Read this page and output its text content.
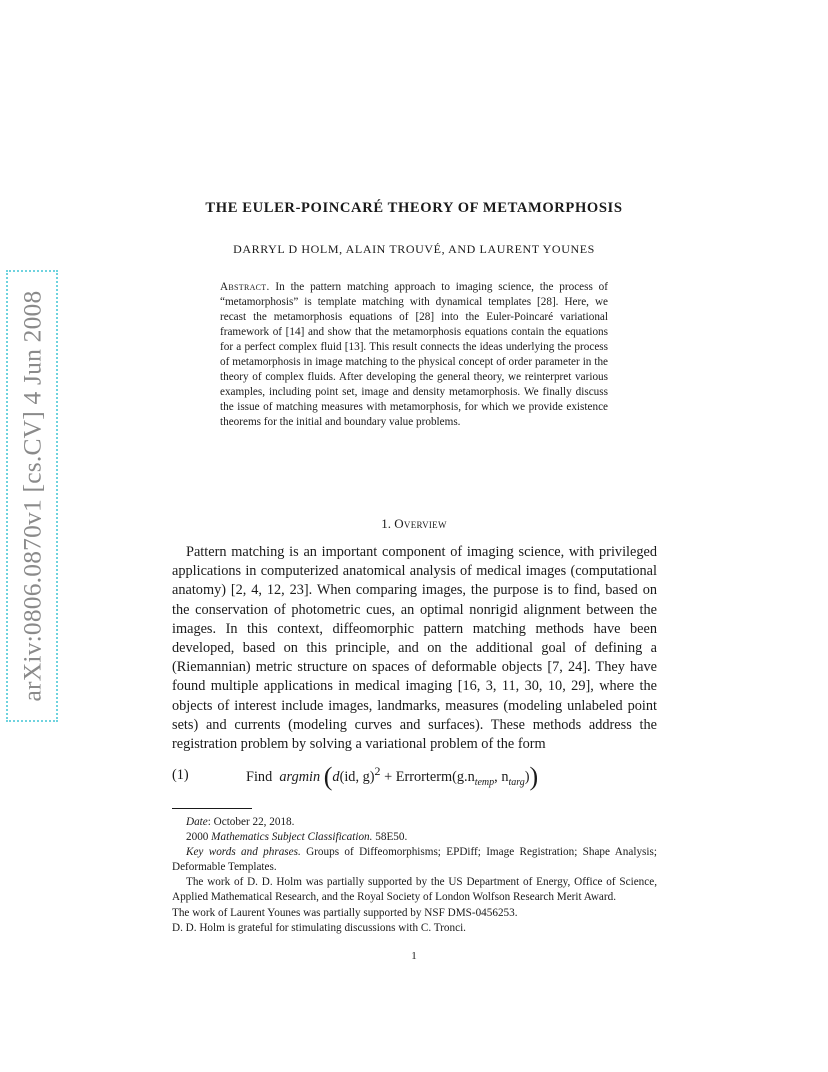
arXiv:0806.0870v1 [cs.CV] 4 Jun 2008
THE EULER-POINCARÉ THEORY OF METAMORPHOSIS
DARRYL D HOLM, ALAIN TROUVÉ, AND LAURENT YOUNES
Abstract. In the pattern matching approach to imaging science, the process of “metamorphosis” is template matching with dynamical templates [28]. Here, we recast the metamorphosis equations of [28] into the Euler-Poincaré variational framework of [14] and show that the metamorphosis equations contain the equations for a perfect complex fluid [13]. This result connects the ideas underlying the process of metamorphosis in image matching to the physical concept of order parameter in the theory of complex fluids. After developing the general theory, we reinterpret various examples, including point set, image and density metamorphosis. We finally discuss the issue of matching measures with metamorphosis, for which we provide existence theorems for the initial and boundary value problems.
1. Overview
Pattern matching is an important component of imaging science, with privileged applications in computerized anatomical analysis of medical images (computational anatomy) [2, 4, 12, 23]. When comparing images, the purpose is to find, based on the conservation of photometric cues, an optimal nonrigid alignment between the images. In this context, diffeomorphic pattern matching methods have been developed, based on this principle, and on the additional goal of defining a (Riemannian) metric structure on spaces of deformable objects [7, 24]. They have found multiple applications in medical imaging [16, 3, 11, 30, 10, 29], where the objects of interest include images, landmarks, measures (modeling unlabeled point sets) and currents (modeling curves and surfaces). These methods address the registration problem by solving a variational problem of the form
(1)	Find argmin (d(id, $g)^2 + Errorterm(g.n_{temp}$, $n_{targ}$))

Date: October 22, 2018.

2000 Mathematics Subject Classification. 58E50.

Key words and phrases. Groups of Diffeomorphisms; EPDiff; Image Registration; Shape Analysis; Deformable Templates.

The work of D. D. Holm was partially supported by the US Department of Energy, Office of Science, Applied Mathematical Research, and the Royal Society of London Wolfson Research Merit Award.

The work of Laurent Younes was partially supported by NSF DMS-0456253.

D. D. Holm is grateful for stimulating discussions with C. Tronci.

1
